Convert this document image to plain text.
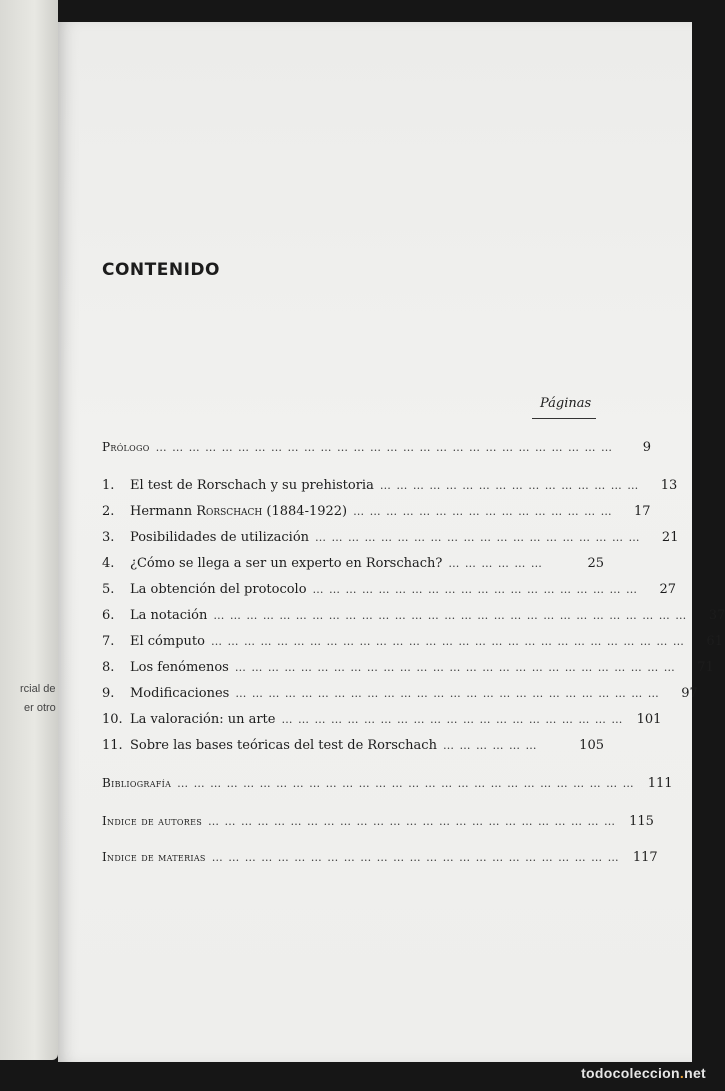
rcial de
er otro
CONTENIDO
Páginas
Prólogo … … … … … … … … … … … … … … … … … … … … … … … … … … … …	9
1.	El test de Rorschach y su prehistoria … … … … … … … … … … … … … … … …	13
2.	Hermann Rorschach (1884-1922) … … … … … … … … … … … … … … … …	17
3.	Posibilidades de utilización … … … … … … … … … … … … … … … … … … … …	21
4.	¿Cómo se llega a ser un experto en Rorschach? … … … … … …	25
5.	La obtención del protocolo … … … … … … … … … … … … … … … … … … … …	27
6.	La notación … … … … … … … … … … … … … … … … … … … … … … … … … … … … …	37
7.	El cómputo … … … … … … … … … … … … … … … … … … … … … … … … … … … … …	61
8.	Los fenómenos … … … … … … … … … … … … … … … … … … … … … … … … … … …	71
9.	Modificaciones … … … … … … … … … … … … … … … … … … … … … … … … … …	97
10. La valoración: un arte … … … … … … … … … … … … … … … … … … … … …	101
11. Sobre las bases teóricas del test de Rorschach … … … … … …	105
Bibliografía … … … … … … … … … … … … … … … … … … … … … … … … … … … …	111
Indice de autores … … … … … … … … … … … … … … … … … … … … … … … … …	115
Indice de materias … … … … … … … … … … … … … … … … … … … … … … … … …	117
todocoleccion.net
